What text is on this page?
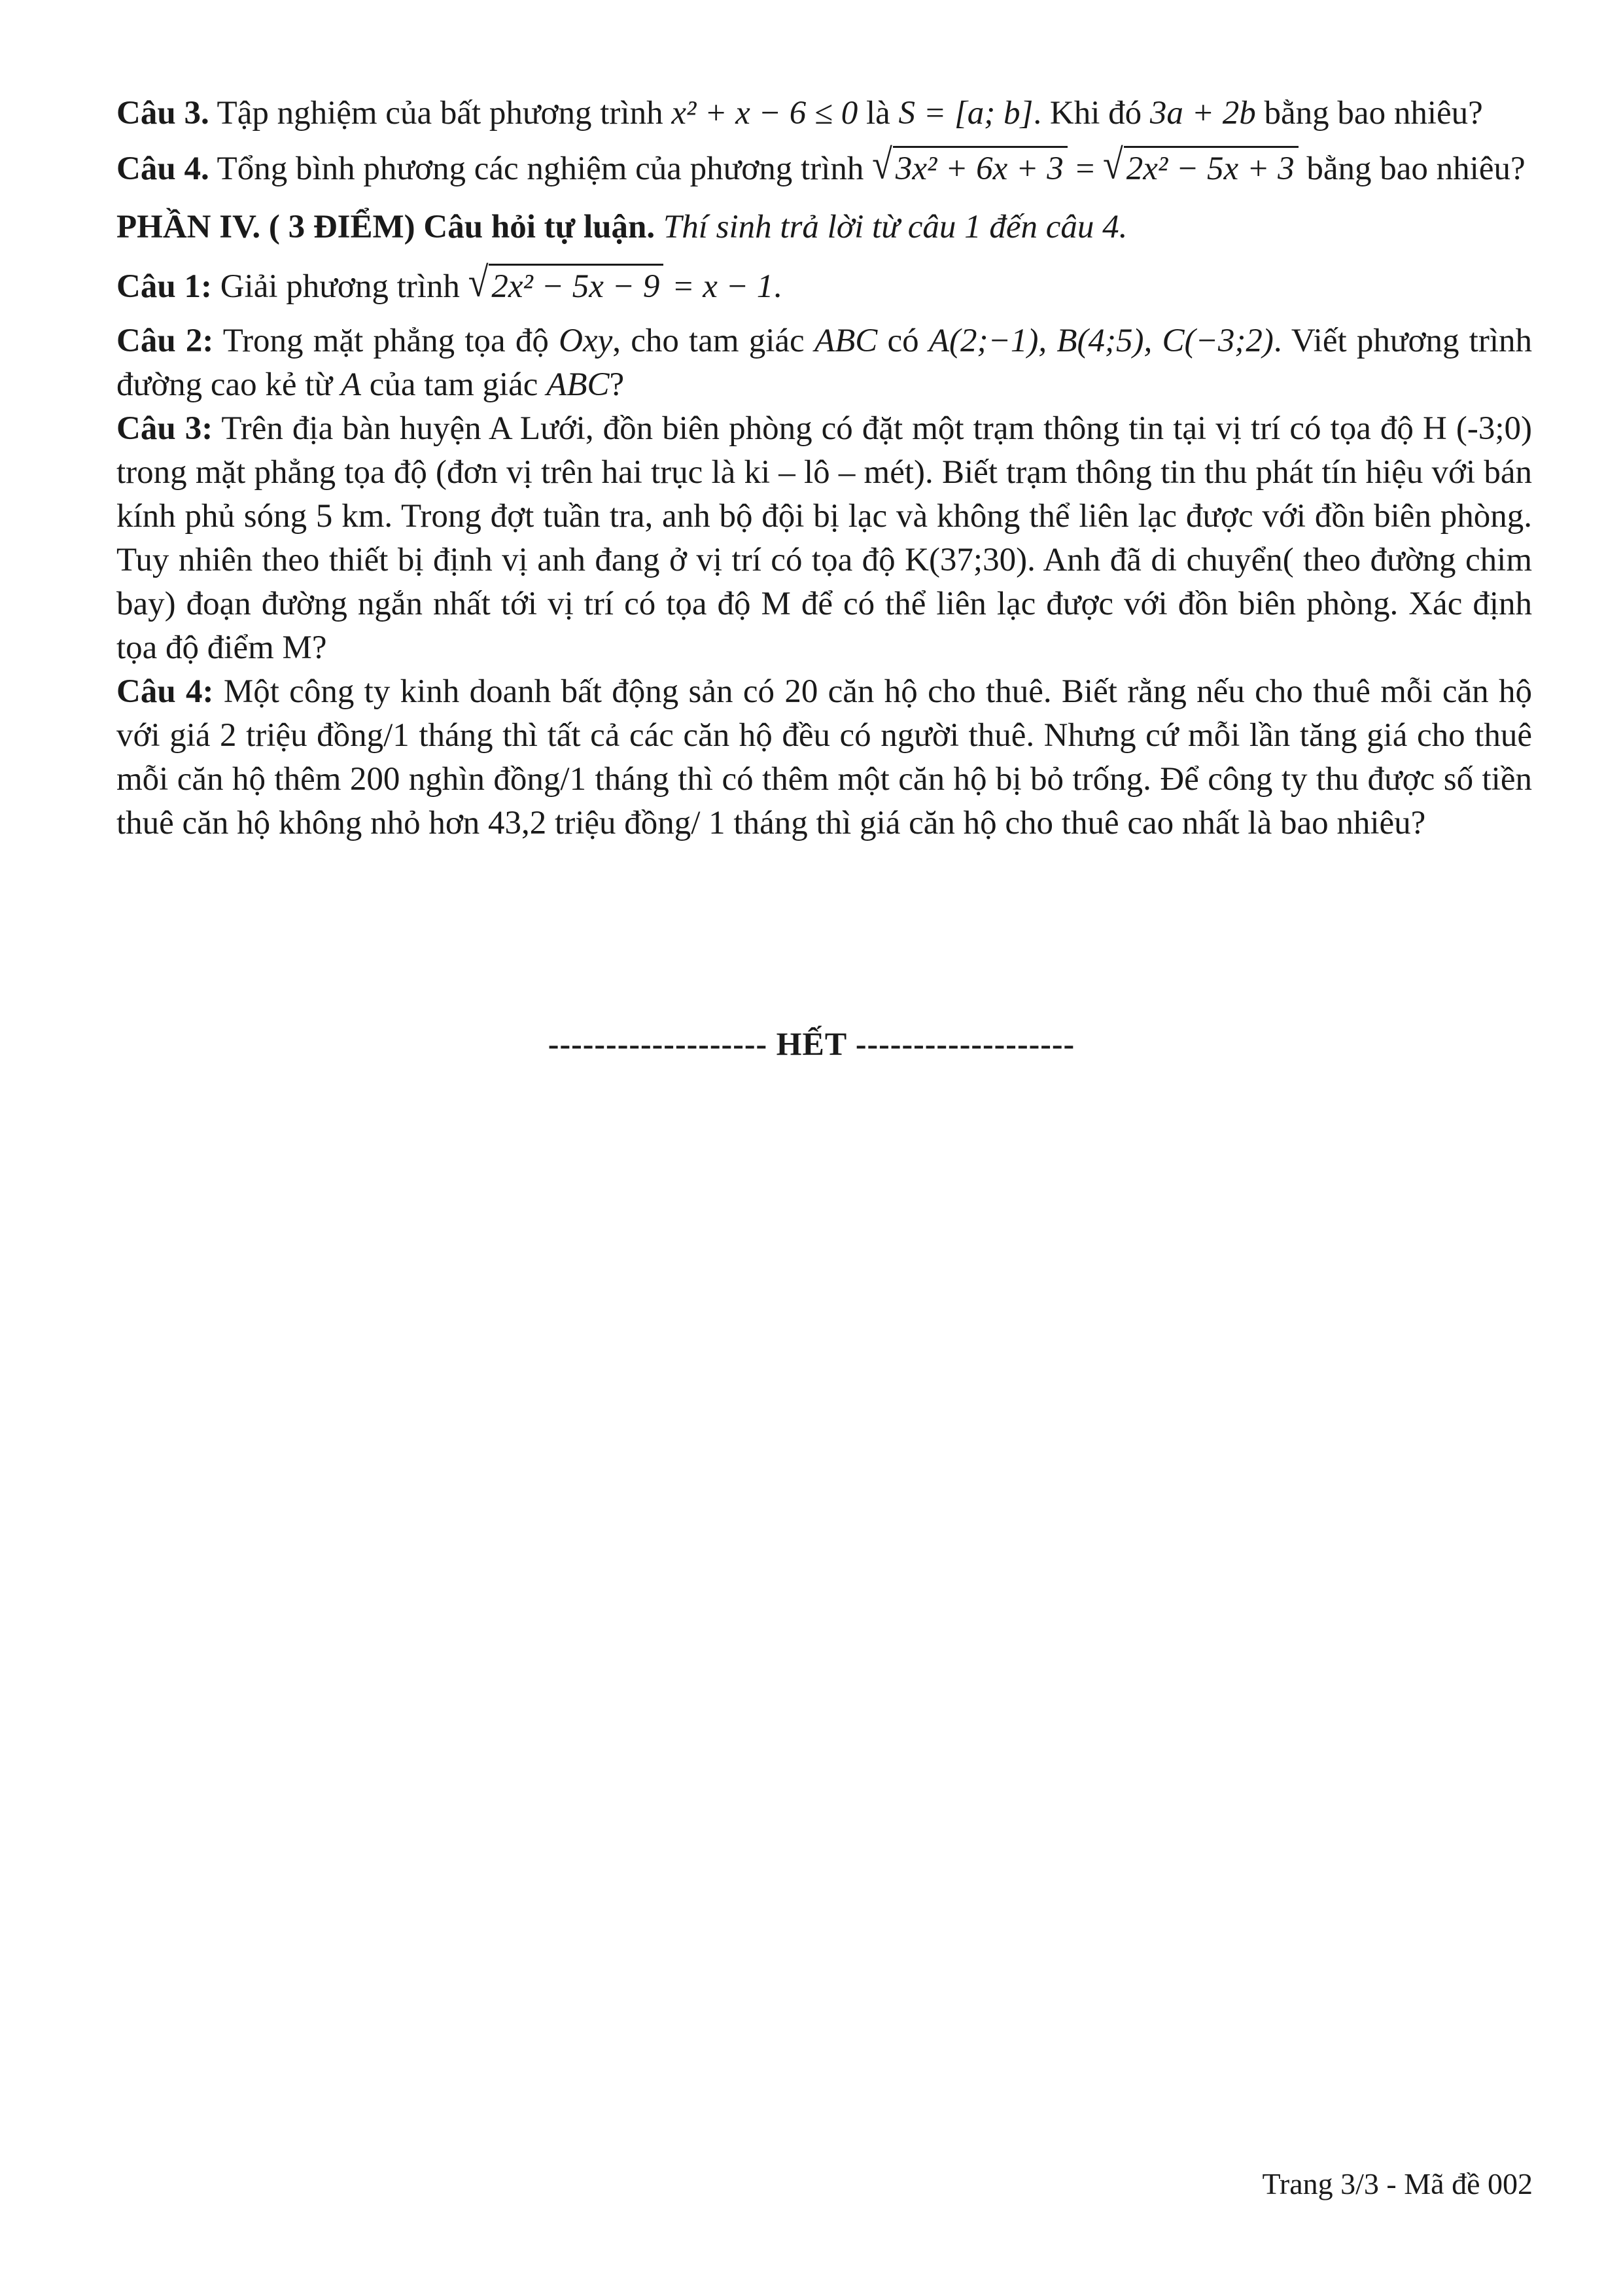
Câu 3. Tập nghiệm của bất phương trình x² + x − 6 ≤ 0 là S = [a; b]. Khi đó 3a + 2b bằng bao nhiêu?

Câu 4. Tổng bình phương các nghiệm của phương trình √3x² + 6x + 3 = √2x² − 5x + 3 bằng bao nhiêu?

PHẦN IV. ( 3 ĐIỂM) Câu hỏi tự luận. Thí sinh trả lời từ câu 1 đến câu 4.

Câu 1: Giải phương trình √2x² − 5x − 9 = x − 1.

Câu 2: Trong mặt phẳng tọa độ Oxy, cho tam giác ABC có A(2;−1), B(4;5), C(−3;2). Viết phương trình đường cao kẻ từ A của tam giác ABC?

Câu 3: Trên địa bàn huyện A Lưới, đồn biên phòng có đặt một trạm thông tin tại vị trí có tọa độ H (-3;0) trong mặt phẳng tọa độ (đơn vị trên hai trục là ki – lô – mét). Biết trạm thông tin thu phát tín hiệu với bán kính phủ sóng 5 km. Trong đợt tuần tra, anh bộ đội bị lạc và không thể liên lạc được với đồn biên phòng. Tuy nhiên theo thiết bị định vị anh đang ở vị trí có tọa độ K(37;30). Anh đã di chuyển( theo đường chim bay) đoạn đường ngắn nhất tới vị trí có tọa độ M để có thể liên lạc được với đồn biên phòng. Xác định tọa độ điểm M?

Câu 4: Một công ty kinh doanh bất động sản có 20 căn hộ cho thuê. Biết rằng nếu cho thuê mỗi căn hộ với giá 2 triệu đồng/1 tháng thì tất cả các căn hộ đều có người thuê. Nhưng cứ mỗi lần tăng giá cho thuê mỗi căn hộ thêm 200 nghìn đồng/1 tháng thì có thêm một căn hộ bị bỏ trống. Để công ty thu được số tiền thuê căn hộ không nhỏ hơn 43,2 triệu đồng/ 1 tháng thì giá căn hộ cho thuê cao nhất là bao nhiêu?

------------------- HẾT -------------------
Trang 3/3 - Mã đề 002
